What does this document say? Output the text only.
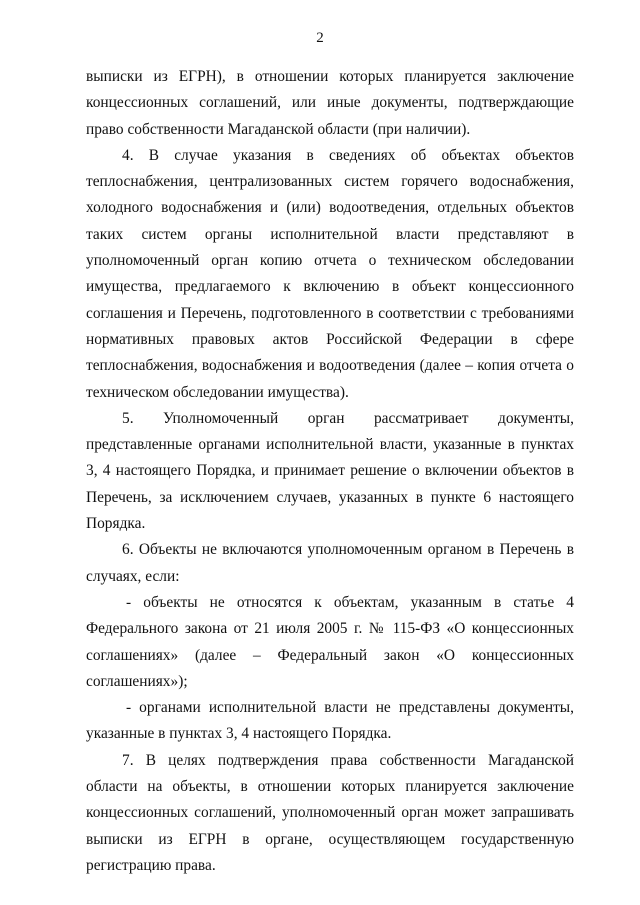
2

выписки из ЕГРН), в отношении которых планируется заключение концессионных соглашений, или иные документы, подтверждающие право собственности Магаданской области (при наличии).

4. В случае указания в сведениях об объектах объектов теплоснабжения, централизованных систем горячего водоснабжения, холодного водоснабжения и (или) водоотведения, отдельных объектов таких систем органы исполнительной власти представляют в уполномоченный орган копию отчета о техническом обследовании имущества, предлагаемого к включению в объект концессионного соглашения и Перечень, подготовленного в соответствии с требованиями нормативных правовых актов Российской Федерации в сфере теплоснабжения, водоснабжения и водоотведения (далее – копия отчета о техническом обследовании имущества).

5. Уполномоченный орган рассматривает документы, представленные органами исполнительной власти, указанные в пунктах 3, 4 настоящего Порядка, и принимает решение о включении объектов в Перечень, за исключением случаев, указанных в пункте 6 настоящего Порядка.

6. Объекты не включаются уполномоченным органом в Перечень в случаях, если:

- объекты не относятся к объектам, указанным в статье 4 Федерального закона от 21 июля 2005 г. № 115-ФЗ «О концессионных соглашениях» (далее – Федеральный закон «О концессионных соглашениях»);

- органами исполнительной власти не представлены документы, указанные в пунктах 3, 4 настоящего Порядка.

7. В целях подтверждения права собственности Магаданской области на объекты, в отношении которых планируется заключение концессионных соглашений, уполномоченный орган может запрашивать выписки из ЕГРН в органе, осуществляющем государственную регистрацию права.
